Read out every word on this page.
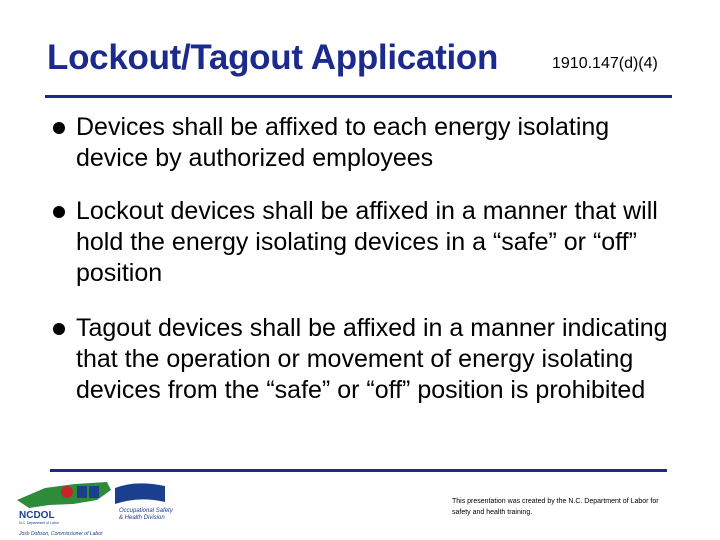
Lockout/Tagout Application	1910.147(d)(4)
Devices shall be affixed to each energy isolating device by authorized employees
Lockout devices shall be affixed in a manner that will hold the energy isolating devices in a “safe” or “off” position
Tagout devices shall be affixed in a manner indicating that the operation or movement of energy isolating devices from the “safe” or “off” position is prohibited
NCDOL
N.C. Department of Labor
Occupational Safety
& Health Division
Josh Dobson, Commissioner of Labor
This presentation was created by the N.C. Department of Labor for safety and health training.
